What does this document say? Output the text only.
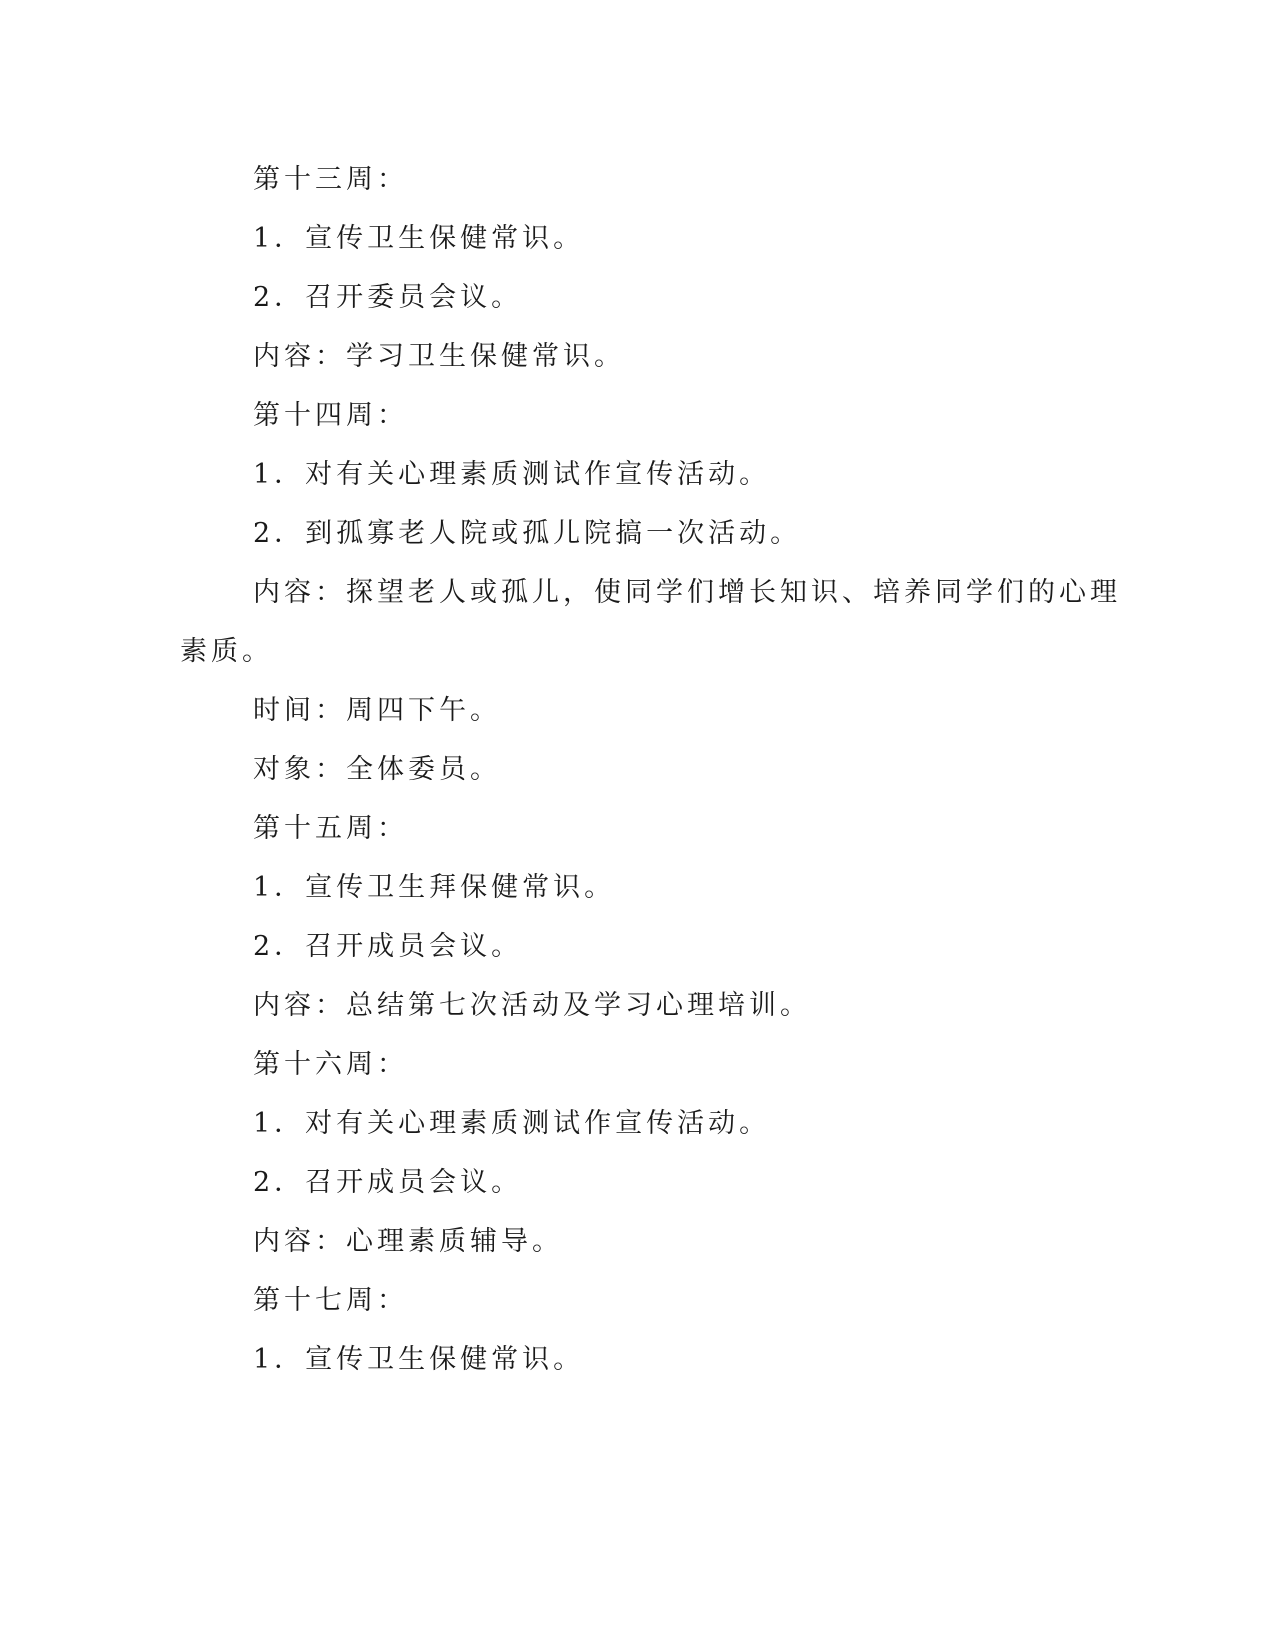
第十三周：
1．宣传卫生保健常识。
2．召开委员会议。
内容：学习卫生保健常识。
第十四周：
1．对有关心理素质测试作宣传活动。
2．到孤寡老人院或孤儿院搞一次活动。
内容：探望老人或孤儿，使同学们增长知识、培养同学们的心理
素质。
时间：周四下午。
对象：全体委员。
第十五周：
1．宣传卫生拜保健常识。
2．召开成员会议。
内容：总结第七次活动及学习心理培训。
第十六周：
1．对有关心理素质测试作宣传活动。
2．召开成员会议。
内容：心理素质辅导。
第十七周：
1．宣传卫生保健常识。
